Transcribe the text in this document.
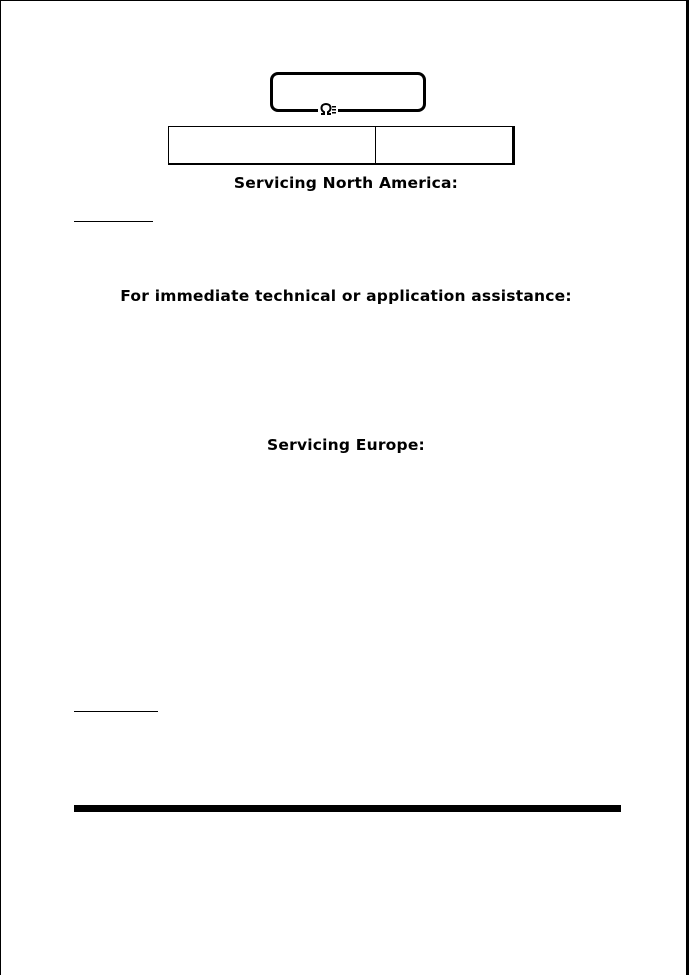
Servicing North America:
For immediate technical or application assistance:
Servicing Europe:
